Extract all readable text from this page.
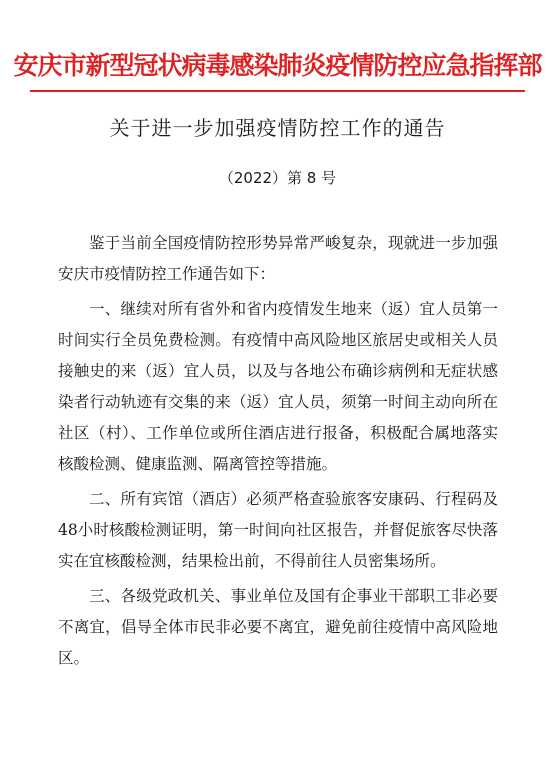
安庆市新型冠状病毒感染肺炎疫情防控应急指挥部
关于进一步加强疫情防控工作的通告
（2022）第 8 号

鉴于当前全国疫情防控形势异常严峻复杂，现就进一步加强安庆市疫情防控工作通告如下：

一、继续对所有省外和省内疫情发生地来（返）宜人员第一时间实行全员免费检测。有疫情中高风险地区旅居史或相关人员接触史的来（返）宜人员，以及与各地公布确诊病例和无症状感染者行动轨迹有交集的来（返）宜人员，须第一时间主动向所在社区（村）、工作单位或所住酒店进行报备，积极配合属地落实核酸检测、健康监测、隔离管控等措施。

二、所有宾馆（酒店）必须严格查验旅客安康码、行程码及48小时核酸检测证明，第一时间向社区报告，并督促旅客尽快落实在宜核酸检测，结果检出前，不得前往人员密集场所。

三、各级党政机关、事业单位及国有企事业干部职工非必要不离宜，倡导全体市民非必要不离宜，避免前往疫情中高风险地区。
